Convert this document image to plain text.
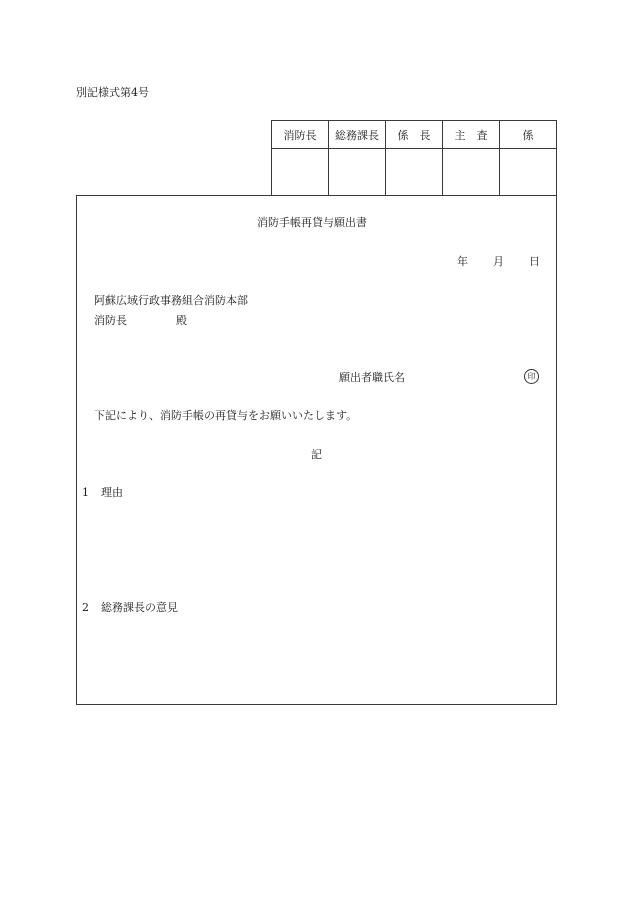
別記様式第4号
消防長	総務課長	係　長	主　査	係

消防手帳再貸与願出書
年 月 日
阿蘇広域行政事務組合消防本部
消防長	殿
願出者職氏名	印
下記により、消防手帳の再貸与をお願いいたします。
記
1 理由
2 総務課長の意見
